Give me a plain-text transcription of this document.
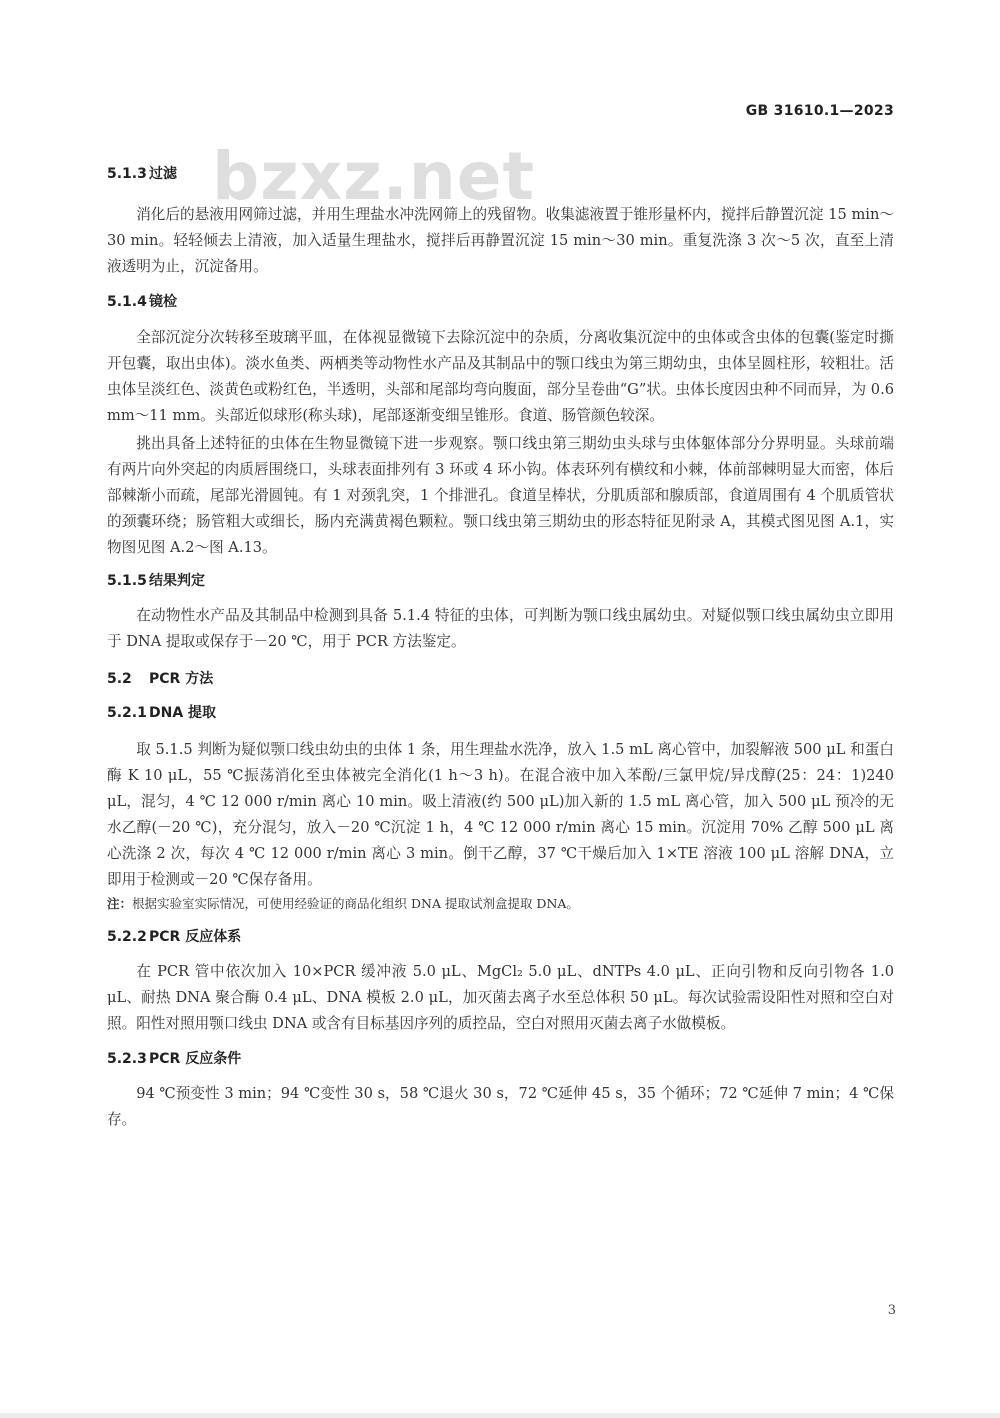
bzxz.net
GB 31610.1—2023
5.1.3 过滤

消化后的悬液用网筛过滤，并用生理盐水冲洗网筛上的残留物。收集滤液置于锥形量杯内，搅拌后静置沉淀 15 min～30 min。轻轻倾去上清液，加入适量生理盐水，搅拌后再静置沉淀 15 min～30 min。重复洗涤 3 次～5 次，直至上清液透明为止，沉淀备用。

5.1.4 镜检

全部沉淀分次转移至玻璃平皿，在体视显微镜下去除沉淀中的杂质，分离收集沉淀中的虫体或含虫体的包囊(鉴定时撕开包囊，取出虫体)。淡水鱼类、两栖类等动物性水产品及其制品中的颚口线虫为第三期幼虫，虫体呈圆柱形，较粗壮。活虫体呈淡红色、淡黄色或粉红色，半透明，头部和尾部均弯向腹面，部分呈卷曲“G”状。虫体长度因虫种不同而异，为 0.6 mm～11 mm。头部近似球形(称头球)，尾部逐渐变细呈锥形。食道、肠管颜色较深。

挑出具备上述特征的虫体在生物显微镜下进一步观察。颚口线虫第三期幼虫头球与虫体躯体部分分界明显。头球前端有两片向外突起的肉质唇围绕口，头球表面排列有 3 环或 4 环小钩。体表环列有横纹和小棘，体前部棘明显大而密，体后部棘渐小而疏，尾部光滑圆钝。有 1 对颈乳突，1 个排泄孔。食道呈棒状，分肌质部和腺质部，食道周围有 4 个肌质管状的颈囊环绕；肠管粗大或细长，肠内充满黄褐色颗粒。颚口线虫第三期幼虫的形态特征见附录 A，其模式图见图 A.1，实物图见图 A.2～图 A.13。

5.1.5 结果判定

在动物性水产品及其制品中检测到具备 5.1.4 特征的虫体，可判断为颚口线虫属幼虫。对疑似颚口线虫属幼虫立即用于 DNA 提取或保存于－20 ℃，用于 PCR 方法鉴定。

5.2 PCR 方法
5.2.1 DNA 提取

取 5.1.5 判断为疑似颚口线虫幼虫的虫体 1 条，用生理盐水洗净，放入 1.5 mL 离心管中，加裂解液 500 μL 和蛋白酶 K 10 μL，55 ℃振荡消化至虫体被完全消化(1 h～3 h)。在混合液中加入苯酚/三氯甲烷/异戊醇(25：24：1)240 μL，混匀，4 ℃ 12 000 r/min 离心 10 min。吸上清液(约 500 μL)加入新的 1.5 mL 离心管，加入 500 μL 预冷的无水乙醇(－20 ℃)，充分混匀，放入－20 ℃沉淀 1 h，4 ℃ 12 000 r/min 离心 15 min。沉淀用 70% 乙醇 500 μL 离心洗涤 2 次，每次 4 ℃ 12 000 r/min 离心 3 min。倒干乙醇，37 ℃干燥后加入 1×TE 溶液 100 μL 溶解 DNA，立即用于检测或－20 ℃保存备用。

注：根据实验室实际情况，可使用经验证的商品化组织 DNA 提取试剂盒提取 DNA。

5.2.2 PCR 反应体系

在 PCR 管中依次加入 10×PCR 缓冲液 5.0 μL、MgCl₂ 5.0 μL、dNTPs 4.0 μL、正向引物和反向引物各 1.0 μL、耐热 DNA 聚合酶 0.4 μL、DNA 模板 2.0 μL，加灭菌去离子水至总体积 50 μL。每次试验需设阳性对照和空白对照。阳性对照用颚口线虫 DNA 或含有目标基因序列的质控品，空白对照用灭菌去离子水做模板。

5.2.3 PCR 反应条件

94 ℃预变性 3 min；94 ℃变性 30 s，58 ℃退火 30 s，72 ℃延伸 45 s，35 个循环；72 ℃延伸 7 min；4 ℃保存。

3
